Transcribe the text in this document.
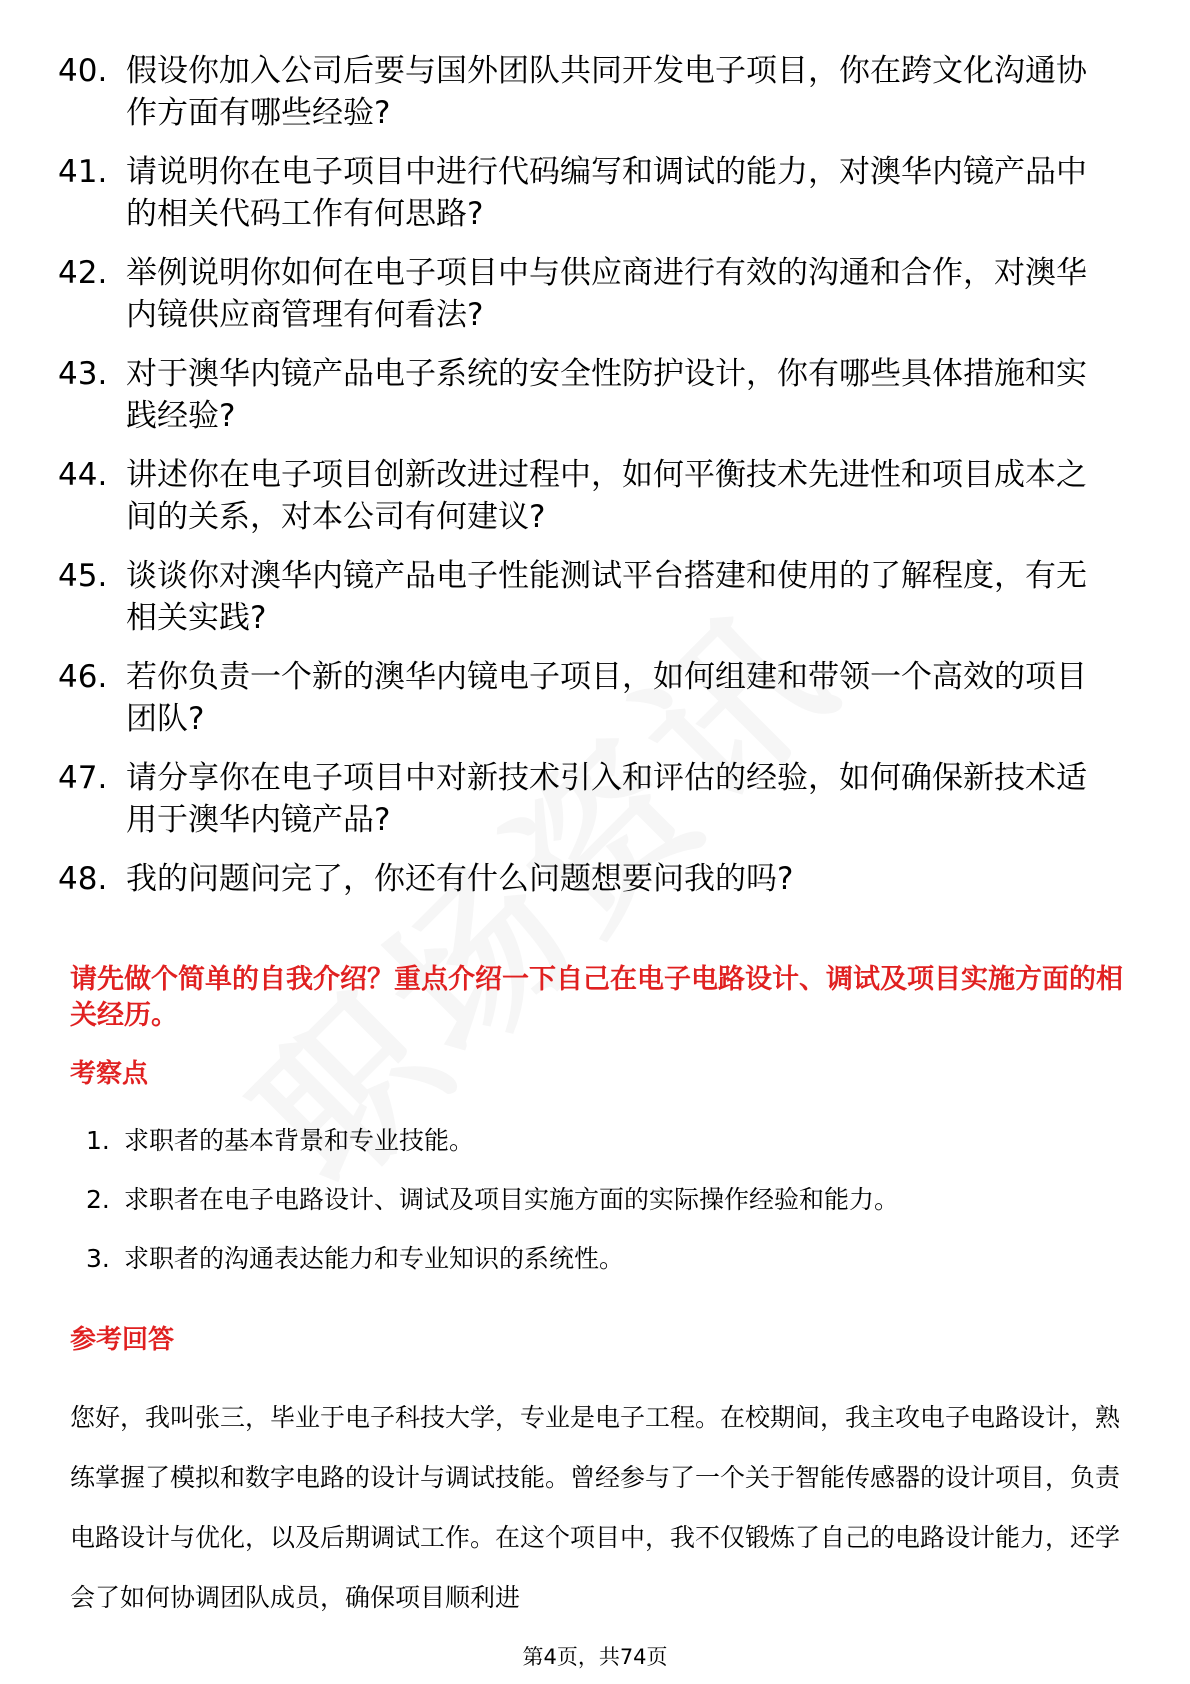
40. 假设你加入公司后要与国外团队共同开发电子项目，你在跨文化沟通协作方面有哪些经验?
41. 请说明你在电子项目中进行代码编写和调试的能力，对澳华内镜产品中的相关代码工作有何思路?
42. 举例说明你如何在电子项目中与供应商进行有效的沟通和合作，对澳华内镜供应商管理有何看法?
43. 对于澳华内镜产品电子系统的安全性防护设计，你有哪些具体措施和实践经验?
44. 讲述你在电子项目创新改进过程中，如何平衡技术先进性和项目成本之间的关系，对本公司有何建议?
45. 谈谈你对澳华内镜产品电子性能测试平台搭建和使用的了解程度，有无相关实践?
46. 若你负责一个新的澳华内镜电子项目，如何组建和带领一个高效的项目团队?
47. 请分享你在电子项目中对新技术引入和评估的经验，如何确保新技术适用于澳华内镜产品?
48. 我的问题问完了，你还有什么问题想要问我的吗?
请先做个简单的自我介绍？重点介绍一下自己在电子电路设计、调试及项目实施方面的相关经历。
考察点
1. 求职者的基本背景和专业技能。
2. 求职者在电子电路设计、调试及项目实施方面的实际操作经验和能力。
3. 求职者的沟通表达能力和专业知识的系统性。
参考回答

您好，我叫张三，毕业于电子科技大学，专业是电子工程。在校期间，我主攻电子电路设计，熟练掌握了模拟和数字电路的设计与调试技能。曾经参与了一个关于智能传感器的设计项目，负责电路设计与优化，以及后期调试工作。在这个项目中，我不仅锻炼了自己的电路设计能力，还学会了如何协调团队成员，确保项目顺利进

第4页，共74页
